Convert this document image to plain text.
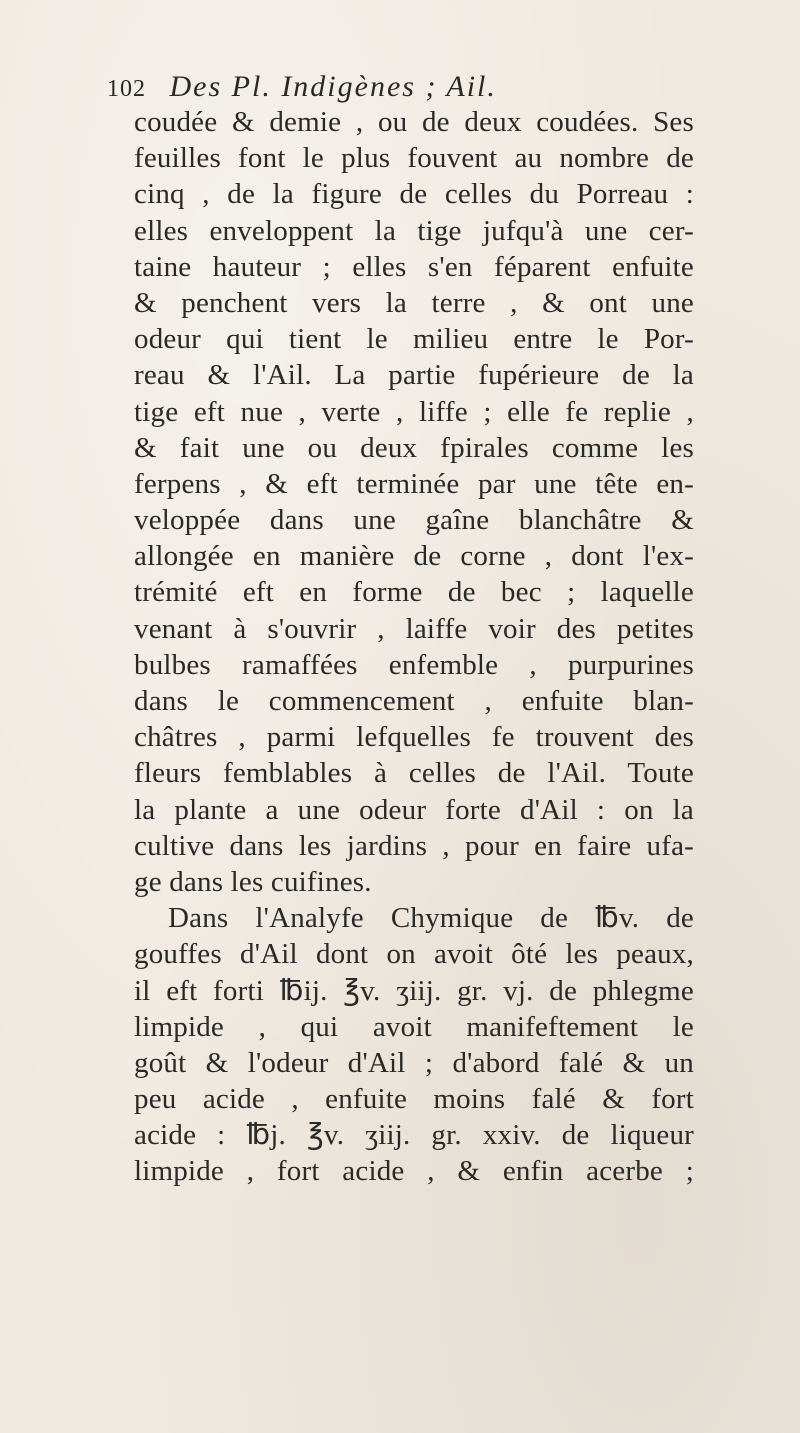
102 Des Pl. Indigènes ; Ail.
coudée & demie , ou de deux coudées. Ses
feuilles font le plus fouvent au nombre de
cinq , de la figure de celles du Porreau :
elles enveloppent la tige jufqu'à une cer-
taine hauteur ; elles s'en féparent enfuite
& penchent vers la terre , & ont une
odeur qui tient le milieu entre le Por-
reau & l'Ail. La partie fupérieure de la
tige eft nue , verte , liffe ; elle fe replie ,
& fait une ou deux fpirales comme les
ferpens , & eft terminée par une tête en-
veloppée dans une gaîne blanchâtre &
allongée en manière de corne , dont l'ex-
trémité eft en forme de bec ; laquelle
venant à s'ouvrir , laiffe voir des petites
bulbes ramaffées enfemble , purpurines
dans le commencement , enfuite blan-
châtres , parmi lefquelles fe trouvent des
fleurs femblables à celles de l'Ail. Toute
la plante a une odeur forte d'Ail : on la
cultive dans les jardins , pour en faire ufa-
ge dans les cuifines.
Dans l'Analyfe Chymique de ℔v. de
gouffes d'Ail dont on avoit ôté les peaux,
il eft forti ℔ij. ℥v. ʒiij. gr. vj. de phlegme
limpide , qui avoit manifeftement le
goût & l'odeur d'Ail ; d'abord falé & un
peu acide , enfuite moins falé & fort
acide : ℔j. ℥v. ʒiij. gr. xxiv. de liqueur
limpide , fort acide , & enfin acerbe ;
